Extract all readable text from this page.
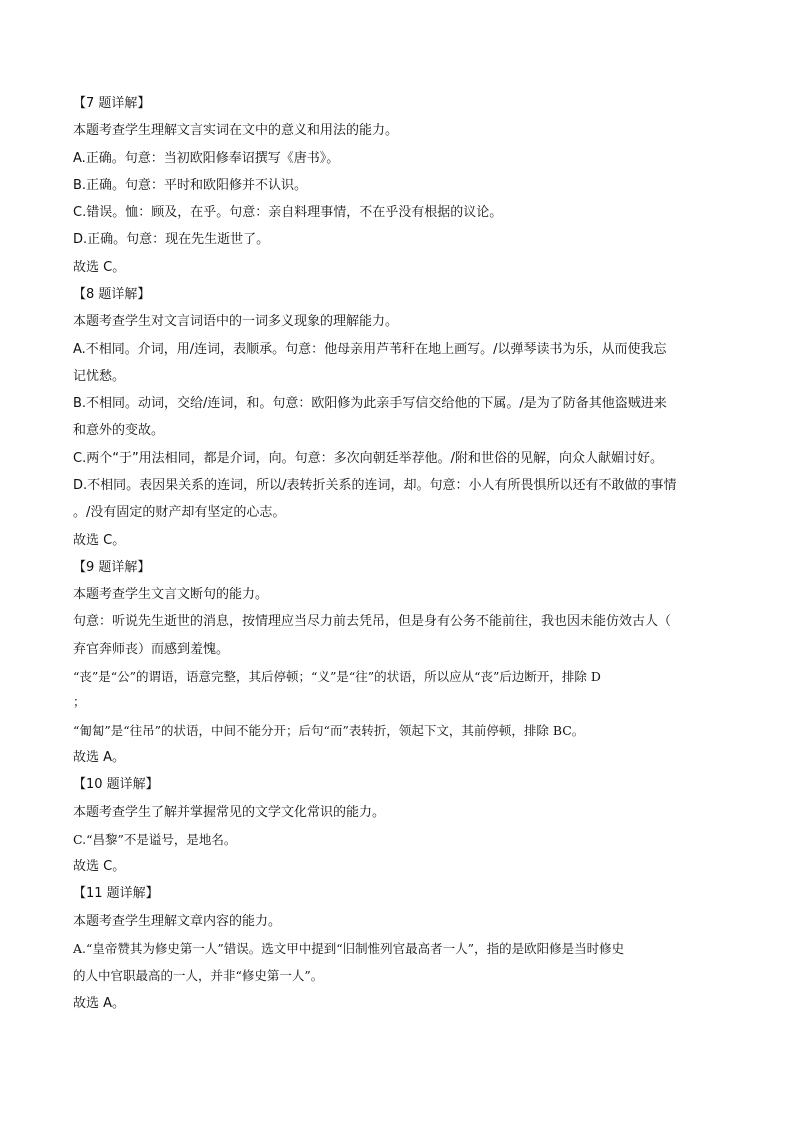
【7 题详解】
本题考查学生理解文言实词在文中的意义和用法的能力。
A.正确。句意：当初欧阳修奉诏撰写《唐书》。
B.正确。句意：平时和欧阳修并不认识。
C.错误。恤：顾及，在乎。句意：亲自料理事情，不在乎没有根据的议论。
D.正确。句意：现在先生逝世了。
故选 C。
【8 题详解】
本题考查学生对文言词语中的一词多义现象的理解能力。
A.不相同。介词，用/连词，表顺承。句意：他母亲用芦苇秆在地上画写。/以弹琴读书为乐，从而使我忘
记忧愁。
B.不相同。动词，交给/连词，和。句意：欧阳修为此亲手写信交给他的下属。/是为了防备其他盗贼进来
和意外的变故。
C.两个“于”用法相同，都是介词，向。句意：多次向朝廷举荐他。/附和世俗的见解，向众人献媚讨好。
D.不相同。表因果关系的连词，所以/表转折关系的连词，却。句意：小人有所畏惧所以还有不敢做的事情
。/没有固定的财产却有坚定的心志。
故选 C。
【9 题详解】
本题考查学生文言文断句的能力。
句意：听说先生逝世的消息，按情理应当尽力前去凭吊，但是身有公务不能前往，我也因未能仿效古人（
弃官奔师丧）而感到羞愧。
“丧”是“公”的谓语，语意完整，其后停顿；“义”是“往”的状语，所以应从“丧”后边断开，排除 D
；
“匍匐”是“往吊”的状语，中间不能分开；后句“而”表转折，领起下文，其前停顿，排除 BC。
故选 A。
【10 题详解】
本题考查学生了解并掌握常见的文学文化常识的能力。
C.“昌黎”不是谥号，是地名。
故选 C。
【11 题详解】
本题考查学生理解文章内容的能力。
A.“皇帝赞其为修史第一人”错误。选文甲中提到“旧制惟列官最高者一人”，指的是欧阳修是当时修史
的人中官职最高的一人，并非“修史第一人”。
故选 A。
